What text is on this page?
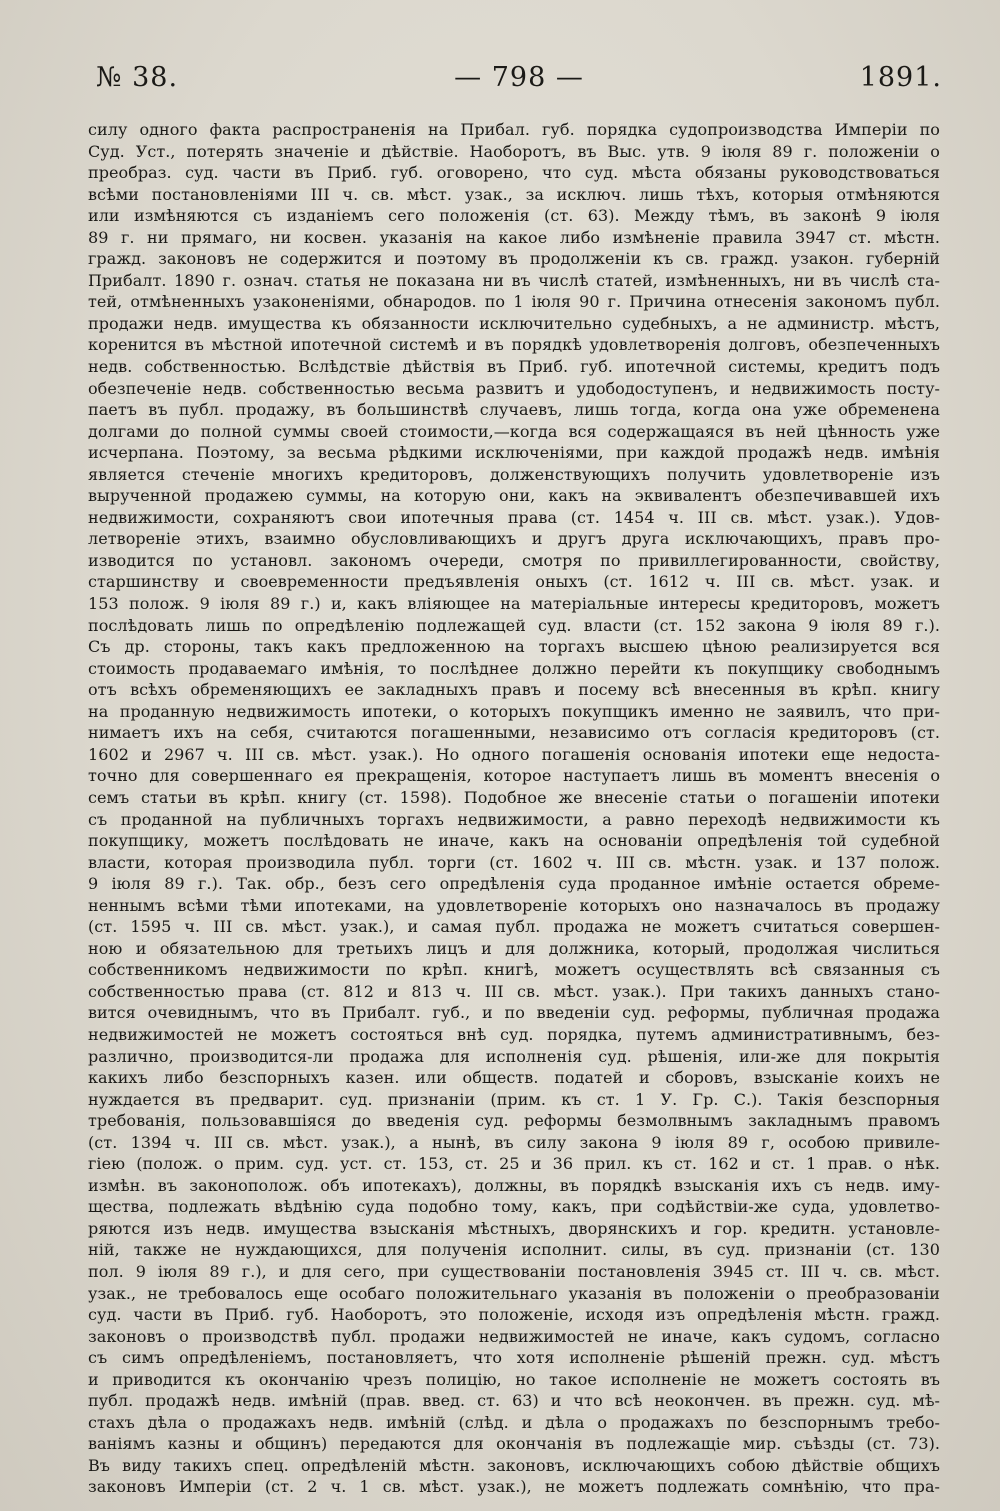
№ 38.	— 798 —	1891.
силу одного факта распространенія на Прибал. губ. порядка судопроизводства Имперіи по
Суд. Уст., потерять значеніе и дѣйствіе. Наоборотъ, въ Выс. утв. 9 іюля 89 г. положеніи о
преобраз. суд. части въ Приб. губ. оговорено, что суд. мѣста обязаны руководствоваться
всѣми постановленіями III ч. св. мѣст. узак., за исключ. лишь тѣхъ, которыя отмѣняются
или измѣняются съ изданіемъ сего положенія (ст. 63). Между тѣмъ, въ законѣ 9 іюля
89 г. ни прямаго, ни косвен. указанія на какое либо измѣненіе правила 3947 ст. мѣстн.
гражд. законовъ не содержится и поэтому въ продолженіи къ св. гражд. узакон. губерній
Прибалт. 1890 г. означ. статья не показана ни въ числѣ статей, измѣненныхъ, ни въ числѣ ста-
тей, отмѣненныхъ узаконеніями, обнародов. по 1 іюля 90 г. Причина отнесенія закономъ публ.
продажи недв. имущества къ обязанности исключительно судебныхъ, а не администр. мѣстъ,
коренится въ мѣстной ипотечной системѣ и въ порядкѣ удовлетворенія долговъ, обезпеченныхъ
недв. собственностью. Вслѣдствіе дѣйствія въ Приб. губ. ипотечной системы, кредитъ подъ
обезпеченіе недв. собственностью весьма развитъ и удободоступенъ, и недвижимость посту-
паетъ въ публ. продажу, въ большинствѣ случаевъ, лишь тогда, когда она уже обременена
долгами до полной суммы своей стоимости,—когда вся содержащаяся въ ней цѣнность уже
исчерпана. Поэтому, за весьма рѣдкими исключеніями, при каждой продажѣ недв. имѣнія
является стеченіе многихъ кредиторовъ, долженствующихъ получить удовлетвореніе изъ
вырученной продажею суммы, на которую они, какъ на эквивалентъ обезпечивавшей ихъ
недвижимости, сохраняютъ свои ипотечныя права (ст. 1454 ч. III св. мѣст. узак.). Удов-
летвореніе этихъ, взаимно обусловливающихъ и другъ друга исключающихъ, правъ про-
изводится по установл. закономъ очереди, смотря по привиллегированности, свойству,
старшинству и своевременности предъявленія оныхъ (ст. 1612 ч. III св. мѣст. узак. и
153 полож. 9 іюля 89 г.) и, какъ вліяющее на матеріальные интересы кредиторовъ, можетъ
послѣдовать лишь по опредѣленію подлежащей суд. власти (ст. 152 закона 9 іюля 89 г.).
Съ др. стороны, такъ какъ предложенною на торгахъ высшею цѣною реализируется вся
стоимость продаваемаго имѣнія, то послѣднее должно перейти къ покупщику свободнымъ
отъ всѣхъ обременяющихъ ее закладныхъ правъ и посему всѣ внесенныя въ крѣп. книгу
на проданную недвижимость ипотеки, о которыхъ покупщикъ именно не заявилъ, что при-
нимаетъ ихъ на себя, считаются погашенными, независимо отъ согласія кредиторовъ (ст.
1602 и 2967 ч. III св. мѣст. узак.). Но одного погашенія основанія ипотеки еще недоста-
точно для совершеннаго ея прекращенія, которое наступаетъ лишь въ моментъ внесенія о
семъ статьи въ крѣп. книгу (ст. 1598). Подобное же внесеніе статьи о погашеніи ипотеки
съ проданной на публичныхъ торгахъ недвижимости, а равно переходѣ недвижимости къ
покупщику, можетъ послѣдовать не иначе, какъ на основаніи опредѣленія той судебной
власти, которая производила публ. торги (ст. 1602 ч. III св. мѣстн. узак. и 137 полож.
9 іюля 89 г.). Так. обр., безъ сего опредѣленія суда проданное имѣніе остается обреме-
неннымъ всѣми тѣми ипотеками, на удовлетвореніе которыхъ оно назначалось въ продажу
(ст. 1595 ч. III св. мѣст. узак.), и самая публ. продажа не можетъ считаться совершен-
ною и обязательною для третьихъ лицъ и для должника, который, продолжая числиться
собственникомъ недвижимости по крѣп. книгѣ, можетъ осуществлять всѣ связанныя съ
собственностью права (ст. 812 и 813 ч. III св. мѣст. узак.). При такихъ данныхъ стано-
вится очевиднымъ, что въ Прибалт. губ., и по введеніи суд. реформы, публичная продажа
недвижимостей не можетъ состояться внѣ суд. порядка, путемъ административнымъ, без-
различно, производится-ли продажа для исполненія суд. рѣшенія, или-же для покрытія
какихъ либо безспорныхъ казен. или обществ. податей и сборовъ, взысканіе коихъ не
нуждается въ предварит. суд. признаніи (прим. къ ст. 1 У. Гр. С.). Такія безспорныя
требованія, пользовавшіяся до введенія суд. реформы безмолвнымъ закладнымъ правомъ
(ст. 1394 ч. III св. мѣст. узак.), а нынѣ, въ силу закона 9 іюля 89 г, особою привиле-
гіею (полож. о прим. суд. уст. ст. 153, ст. 25 и 36 прил. къ ст. 162 и ст. 1 прав. о нѣк.
измѣн. въ законополож. объ ипотекахъ), должны, въ порядкѣ взысканія ихъ съ недв. иму-
щества, подлежать вѣдѣнію суда подобно тому, какъ, при содѣйствіи-же суда, удовлетво-
ряются изъ недв. имущества взысканія мѣстныхъ, дворянскихъ и гор. кредитн. установле-
ній, также не нуждающихся, для полученія исполнит. силы, въ суд. признаніи (ст. 130
пол. 9 іюля 89 г.), и для сего, при существованіи постановленія 3945 ст. III ч. св. мѣст.
узак., не требовалось еще особаго положительнаго указанія въ положеніи о преобразованіи
суд. части въ Приб. губ. Наоборотъ, это положеніе, исходя изъ опредѣленія мѣстн. гражд.
законовъ о производствѣ публ. продажи недвижимостей не иначе, какъ судомъ, согласно
съ симъ опредѣленіемъ, постановляетъ, что хотя исполненіе рѣшеній прежн. суд. мѣстъ
и приводится къ окончанію чрезъ полицію, но такое исполненіе не можетъ состоять въ
публ. продажѣ недв. имѣній (прав. введ. ст. 63) и что всѣ неокончен. въ прежн. суд. мѣ-
стахъ дѣла о продажахъ недв. имѣній (слѣд. и дѣла о продажахъ по безспорнымъ требо-
ваніямъ казны и общинъ) передаются для окончанія въ подлежащіе мир. съѣзды (ст. 73).
Въ виду такихъ спец. опредѣленій мѣстн. законовъ, исключающихъ собою дѣйствіе общихъ
законовъ Имперіи (ст. 2 ч. 1 св. мѣст. узак.), не можетъ подлежать сомнѣнію, что пра-
